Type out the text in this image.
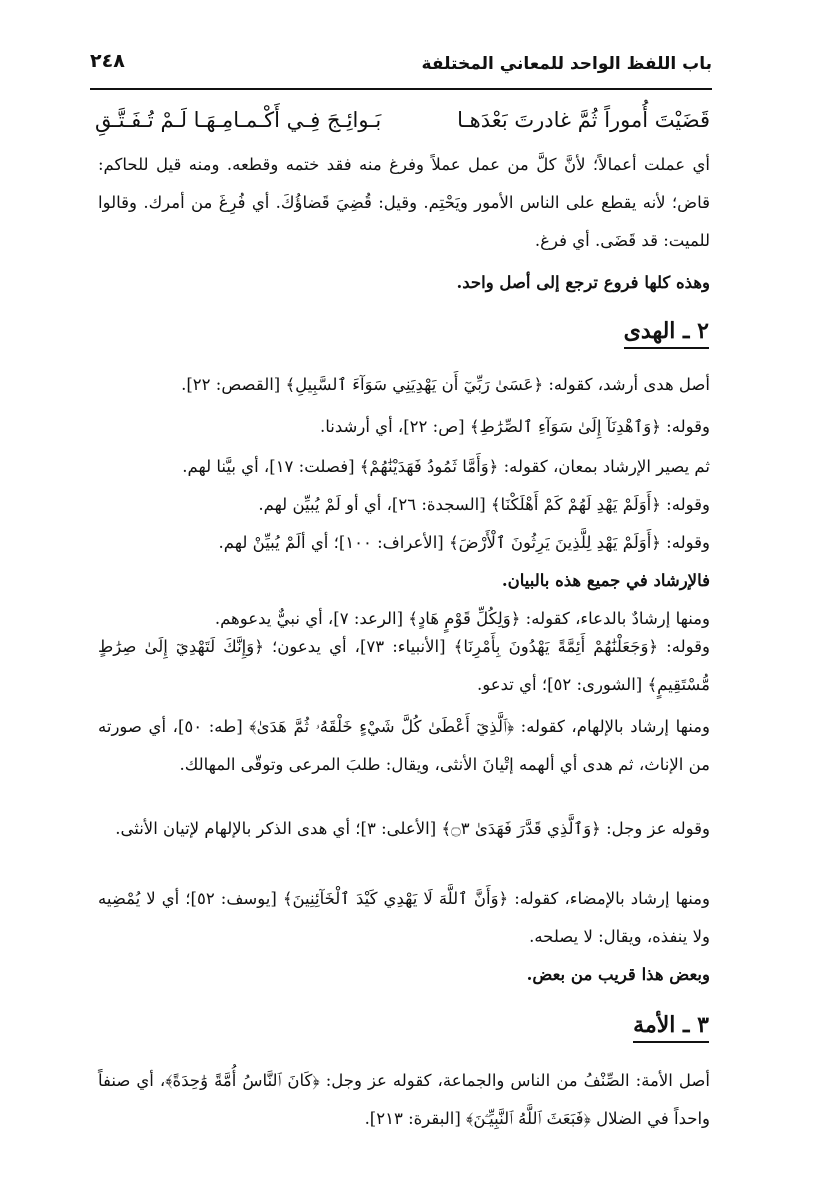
باب اللفظ الواحد للمعاني المختلفة
٢٤٨
قَضَيْتَ أُموراً ثُمَّ غادرتَ بَعْدَهـا
بَـوائِـجَ فِـي أَكْـمـامِـهَـا لَـمْ تُـفَـتَّـقِ
أي عملت أعمالاً؛ لأنَّ كلَّ من عمل عملاً وفرغ منه فقد ختمه وقطعه. ومنه قيل للحاكم: قاض؛ لأنه يقطع على الناس الأمور ويَحْتِم. وقيل: قُضِيَ قَضاؤُكَ. أي فُرِغَ من أمرك. وقالوا للميت: قد قَضَى. أي فرغ.
وهذه كلها فروع ترجع إلى أصل واحد.
٢ ـ الهدى
أصل هدى أرشد، كقوله: ﴿عَسَىٰ رَبِّيٓ أَن يَهْدِيَنِي سَوَآءَ ٱلسَّبِيلِ﴾ [القصص: ٢٢].
وقوله: ﴿وَٱهْدِنَآ إِلَىٰ سَوَآءِ ٱلصِّرَٰطِ﴾ [ص: ٢٢]، أي أرشدنا.
ثم يصير الإرشاد بمعان، كقوله: ﴿وَأَمَّا ثَمُودُ فَهَدَيْنَٰهُمْ﴾ [فصلت: ١٧]، أي بيَّنا لهم.
وقوله: ﴿أَوَلَمْ يَهْدِ لَهُمْ كَمْ أَهْلَكْنَا﴾ [السجدة: ٢٦]، أي أو لَمْ يُبيِّن لهم.
وقوله: ﴿أَوَلَمْ يَهْدِ لِلَّذِينَ يَرِثُونَ ٱلْأَرْضَ﴾ [الأعراف: ١٠٠]؛ أي ألَمْ يُبيِّنْ لهم.
فالإرشاد في جميع هذه بالبيان.
ومنها إرشادٌ بالدعاء، كقوله: ﴿وَلِكُلِّ قَوْمٍ هَادٍ﴾ [الرعد: ٧]، أي نبيٌّ يدعوهم.
وقوله: ﴿وَجَعَلْنَٰهُمْ أَئِمَّةً يَهْدُونَ بِأَمْرِنَا﴾ [الأنبياء: ٧٣]، أي يدعون؛ ﴿وَإِنَّكَ لَتَهْدِيٓ إِلَىٰ صِرَٰطٍ مُّسْتَقِيمٍ﴾ [الشورى: ٥٢]؛ أي تدعو.
ومنها إرشاد بالإلهام، كقوله: ﴿ٱلَّذِيٓ أَعْطَىٰ كُلَّ شَيْءٍ خَلْقَهُۥ ثُمَّ هَدَىٰ﴾ [طه: ٥٠]، أي صورته من الإناث، ثم هدى أي ألهمه إتْيانَ الأنثى، ويقال: طلبَ المرعى وتوقّى المهالك.
وقوله عز وجل: ﴿وَٱلَّذِي قَدَّرَ فَهَدَىٰ ۝٣﴾ [الأعلى: ٣]؛ أي هدى الذكر بالإلهام لإتيان الأنثى.
ومنها إرشاد بالإمضاء، كقوله: ﴿وَأَنَّ ٱللَّهَ لَا يَهْدِي كَيْدَ ٱلْخَآئِنِينَ﴾ [يوسف: ٥٢]؛ أي لا يُمْضِيه ولا ينفذه، ويقال: لا يصلحه.
وبعض هذا قريب من بعض.
٣ ـ الأمة
أصل الأمة: الصِّنْفُ من الناس والجماعة، كقوله عز وجل: ﴿كَانَ ٱلنَّاسُ أُمَّةً وَٰحِدَةً﴾، أي صنفاً واحداً في الضلال ﴿فَبَعَثَ ٱللَّهُ ٱلنَّبِيِّـۧنَ﴾ [البقرة: ٢١٣].
